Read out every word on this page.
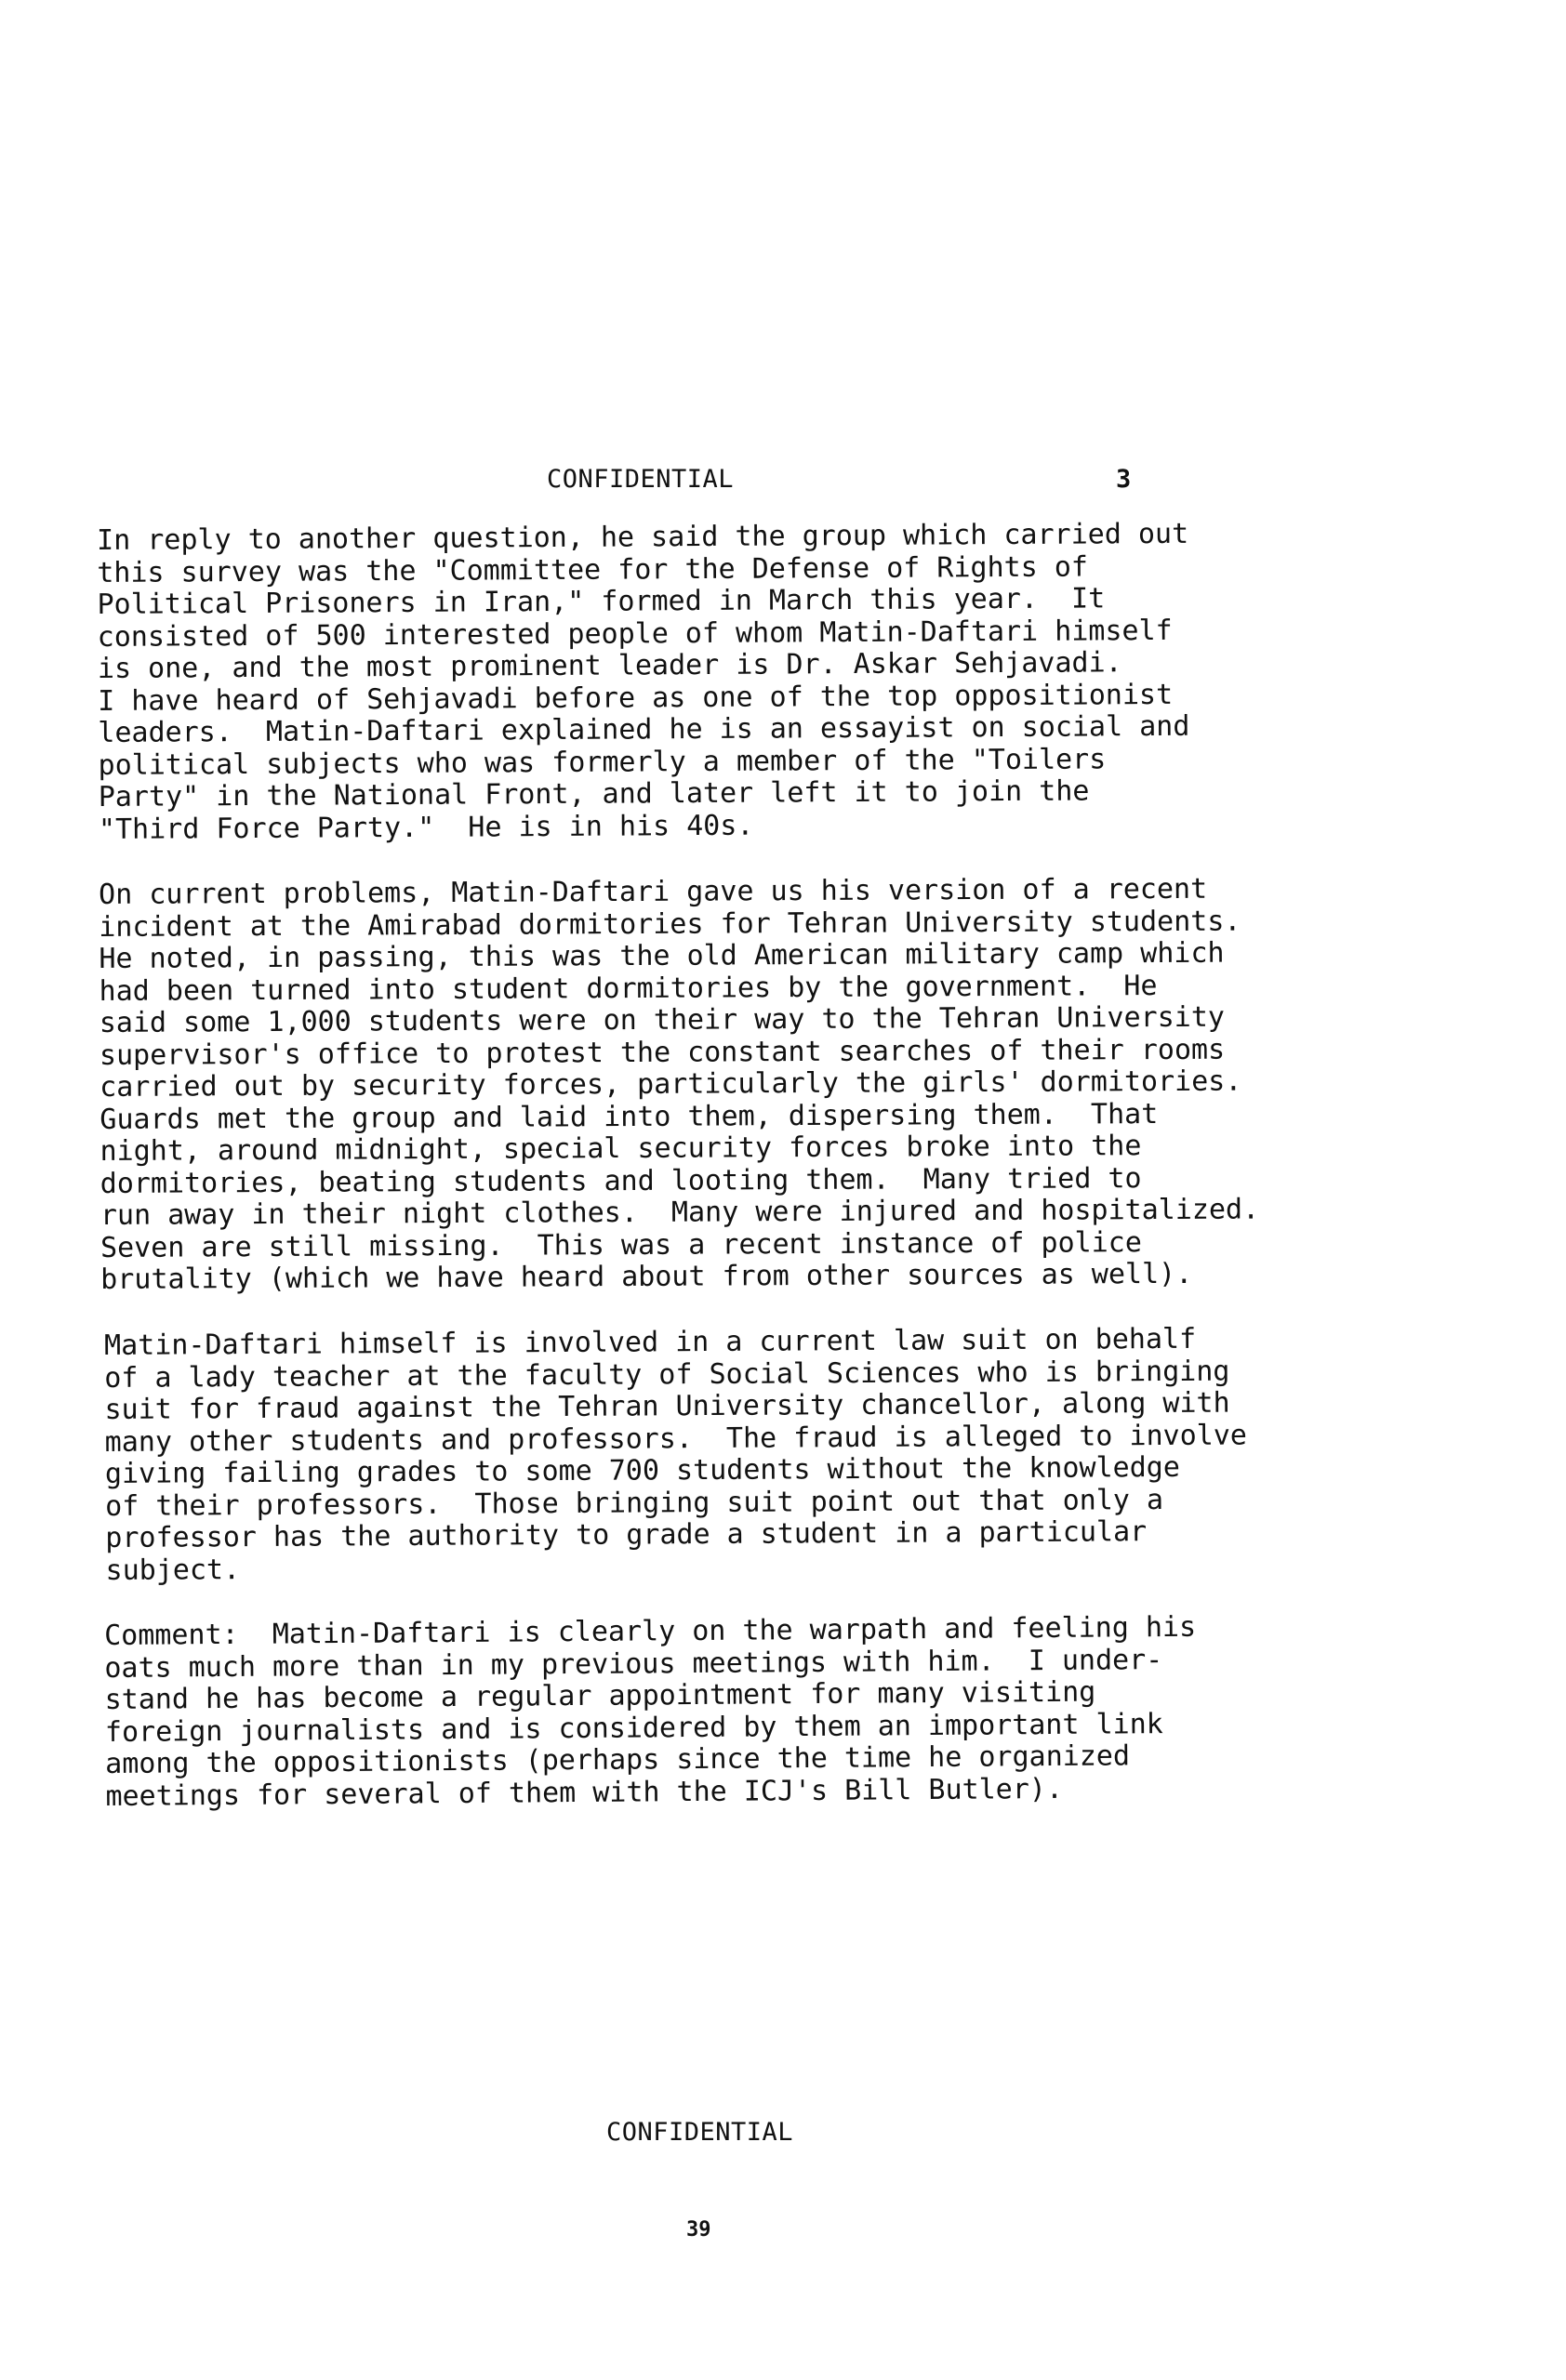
CONFIDENTIAL	3

In reply to another question, he said the group which carried out
this survey was the "Committee for the Defense of Rights of
Political Prisoners in Iran," formed in March this year.  It
consisted of 500 interested people of whom Matin-Daftari himself
is one, and the most prominent leader is Dr. Askar Sehjavadi.
I have heard of Sehjavadi before as one of the top oppositionist
leaders.  Matin-Daftari explained he is an essayist on social and
political subjects who was formerly a member of the "Toilers
Party" in the National Front, and later left it to join the
"Third Force Party."  He is in his 40s.

On current problems, Matin-Daftari gave us his version of a recent
incident at the Amirabad dormitories for Tehran University students.
He noted, in passing, this was the old American military camp which
had been turned into student dormitories by the government.  He
said some 1,000 students were on their way to the Tehran University
supervisor's office to protest the constant searches of their rooms
carried out by security forces, particularly the girls' dormitories.
Guards met the group and laid into them, dispersing them.  That
night, around midnight, special security forces broke into the
dormitories, beating students and looting them.  Many tried to
run away in their night clothes.  Many were injured and hospitalized.
Seven are still missing.  This was a recent instance of police
brutality (which we have heard about from other sources as well).

Matin-Daftari himself is involved in a current law suit on behalf
of a lady teacher at the faculty of Social Sciences who is bringing
suit for fraud against the Tehran University chancellor, along with
many other students and professors.  The fraud is alleged to involve
giving failing grades to some 700 students without the knowledge
of their professors.  Those bringing suit point out that only a
professor has the authority to grade a student in a particular
subject.

Comment:  Matin-Daftari is clearly on the warpath and feeling his
oats much more than in my previous meetings with him.  I under-
stand he has become a regular appointment for many visiting
foreign journalists and is considered by them an important link
among the oppositionists (perhaps since the time he organized
meetings for several of them with the ICJ's Bill Butler).

CONFIDENTIAL
39
